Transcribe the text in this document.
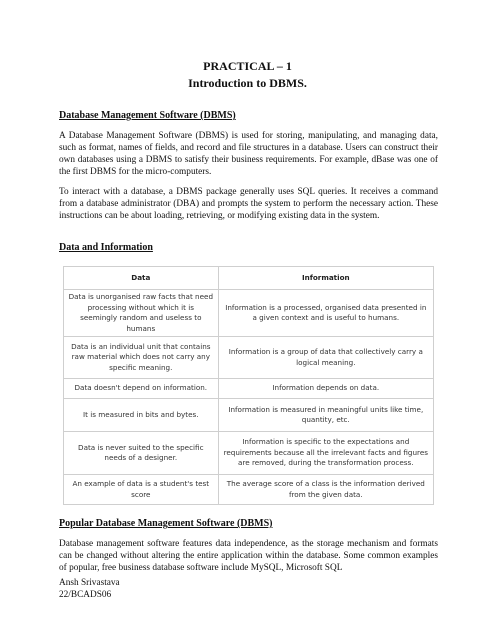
PRACTICAL – 1
Introduction to DBMS.
Database Management Software (DBMS)

A Database Management Software (DBMS) is used for storing, manipulating, and managing data, such as format, names of fields, and record and file structures in a database. Users can construct their own databases using a DBMS to satisfy their business requirements. For example, dBase was one of the first DBMS for the micro-computers.

To interact with a database, a DBMS package generally uses SQL queries. It receives a command from a database administrator (DBA) and prompts the system to perform the necessary action. These instructions can be about loading, retrieving, or modifying existing data in the system.

Data and Information
Data	Information
Data is unorganised raw facts that need processing without which it is seemingly random and useless to humans	Information is a processed, organised data presented in a given context and is useful to humans.
Data is an individual unit that contains raw material which does not carry any specific meaning.	Information is a group of data that collectively carry a logical meaning.
Data doesn't depend on information.	Information depends on data.
It is measured in bits and bytes.	Information is measured in meaningful units like time, quantity, etc.
Data is never suited to the specific needs of a designer.	Information is specific to the expectations and requirements because all the irrelevant facts and figures are removed, during the transformation process.
An example of data is a student's test score	The average score of a class is the information derived from the given data.
Popular Database Management Software (DBMS)

Database management software features data independence, as the storage mechanism and formats can be changed without altering the entire application within the database. Some common examples of popular, free business database software include MySQL, Microsoft SQL

Ansh Srivastava
22/BCADS06
